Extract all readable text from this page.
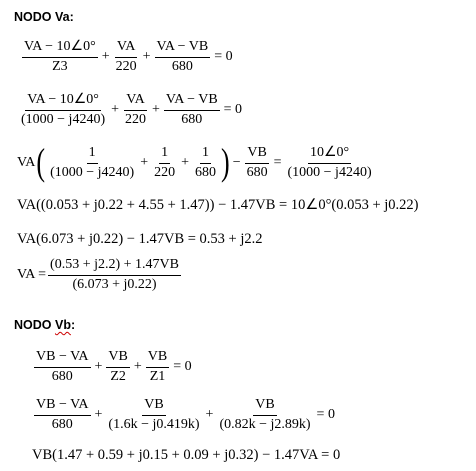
NODO Va:
$\frac{VA - 10\angle 0^\circ}{Z3} + \frac{VA}{220} + \frac{VA - VB}{680} = 0$
$\frac{VA - 10\angle 0^\circ}{(1000 - j4240)} + \frac{VA}{220} + \frac{VA - VB}{680} = 0$
VA ( $\frac{1}{(1000 - j4240)} + \frac{1}{220} + \frac{1}{680}$ ) − $\frac{VB}{680} = \frac{10\angle 0^\circ}{(1000 - j4240)}$
VA((0.053 + j0.22 + 4.55 + 1.47)) − 1.47VB = 10∠0°(0.053 + j0.22)
VA(6.073 + j0.22) − 1.47VB = 0.53 + j2.2
VA = $\frac{(0.53 + j2.2) + 1.47VB}{(6.073 + j0.22)}$
NODO Vb:
$\frac{VB - VA}{680} + \frac{VB}{Z2} + \frac{VB}{Z1} = 0$
$\frac{VB - VA}{680} + \frac{VB}{(1.6k - j0.419k)} + \frac{VB}{(0.82k - j2.89k)} = 0$
VB(1.47 + 0.59 + j0.15 + 0.09 + j0.32) − 1.47VA = 0
